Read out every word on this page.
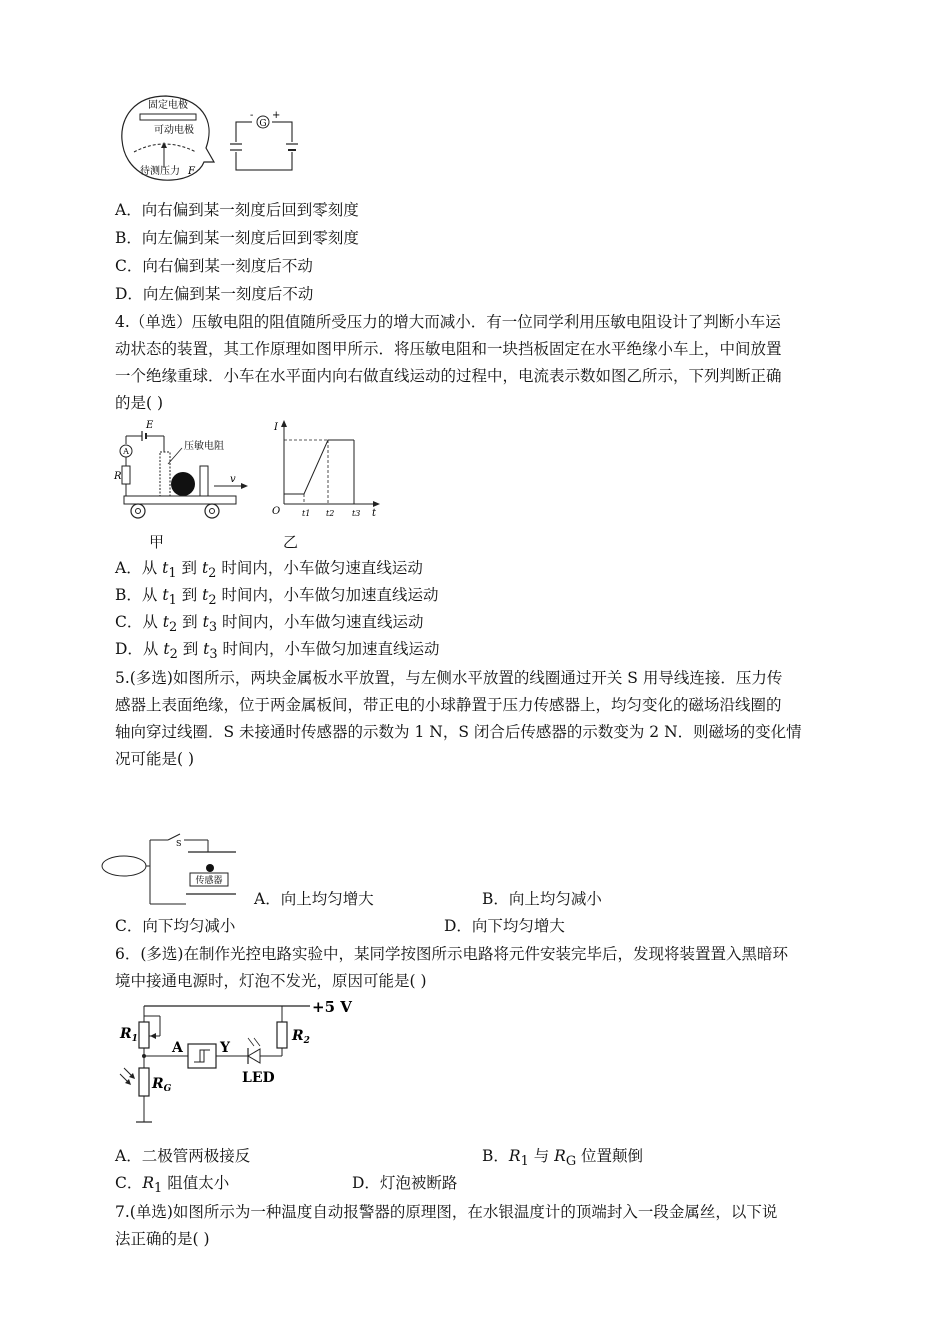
固定电极
可动电极
待测压力 F
G
- +
A．向右偏到某一刻度后回到零刻度
B．向左偏到某一刻度后回到零刻度
C．向右偏到某一刻度后不动
D．向左偏到某一刻度后不动
4.（单选）压敏电阻的阻值随所受压力的增大而减小．有一位同学利用压敏电阻设计了判断小车运
动状态的装置，其工作原理如图甲所示．将压敏电阻和一块挡板固定在水平绝缘小车上，中间放置
一个绝缘重球．小车在水平面内向右做直线运动的过程中，电流表示数如图乙所示，下列判断正确
的是( )
E
A
R
压敏电阻
v
I
O	t1 t2 t3 t
甲	乙
A．从 $t_1$ 到 $t_2$ 时间内，小车做匀速直线运动
B．从 $t_1$ 到 $t_2$ 时间内，小车做匀加速直线运动
C．从 $t_2$ 到 $t_3$ 时间内，小车做匀速直线运动
D．从 $t_2$ 到 $t_3$ 时间内，小车做匀加速直线运动
5.(多选)如图所示，两块金属板水平放置，与左侧水平放置的线圈通过开关 S 用导线连接．压力传
感器上表面绝缘，位于两金属板间，带正电的小球静置于压力传感器上，均匀变化的磁场沿线圈的
轴向穿过线圈．S 未接通时传感器的示数为 1 N，S 闭合后传感器的示数变为 2 N．则磁场的变化情
况可能是( )
S
传感器
A．向上均匀增大	B．向上均匀减小
C．向下均匀减小	D．向下均匀增大
6．(多选)在制作光控电路实验中，某同学按图所示电路将元件安装完毕后，发现将装置置入黑暗环
境中接通电源时，灯泡不发光，原因可能是( )
+5 V
$R_1$
$R_G$
A	Y
LED
$R_2$
A．二极管两极接反	B．$R_1$ 与 $R_G$ 位置颠倒
C．$R_1$ 阻值太小	D．灯泡被断路
7.(单选)如图所示为一种温度自动报警器的原理图，在水银温度计的顶端封入一段金属丝，以下说
法正确的是( )
